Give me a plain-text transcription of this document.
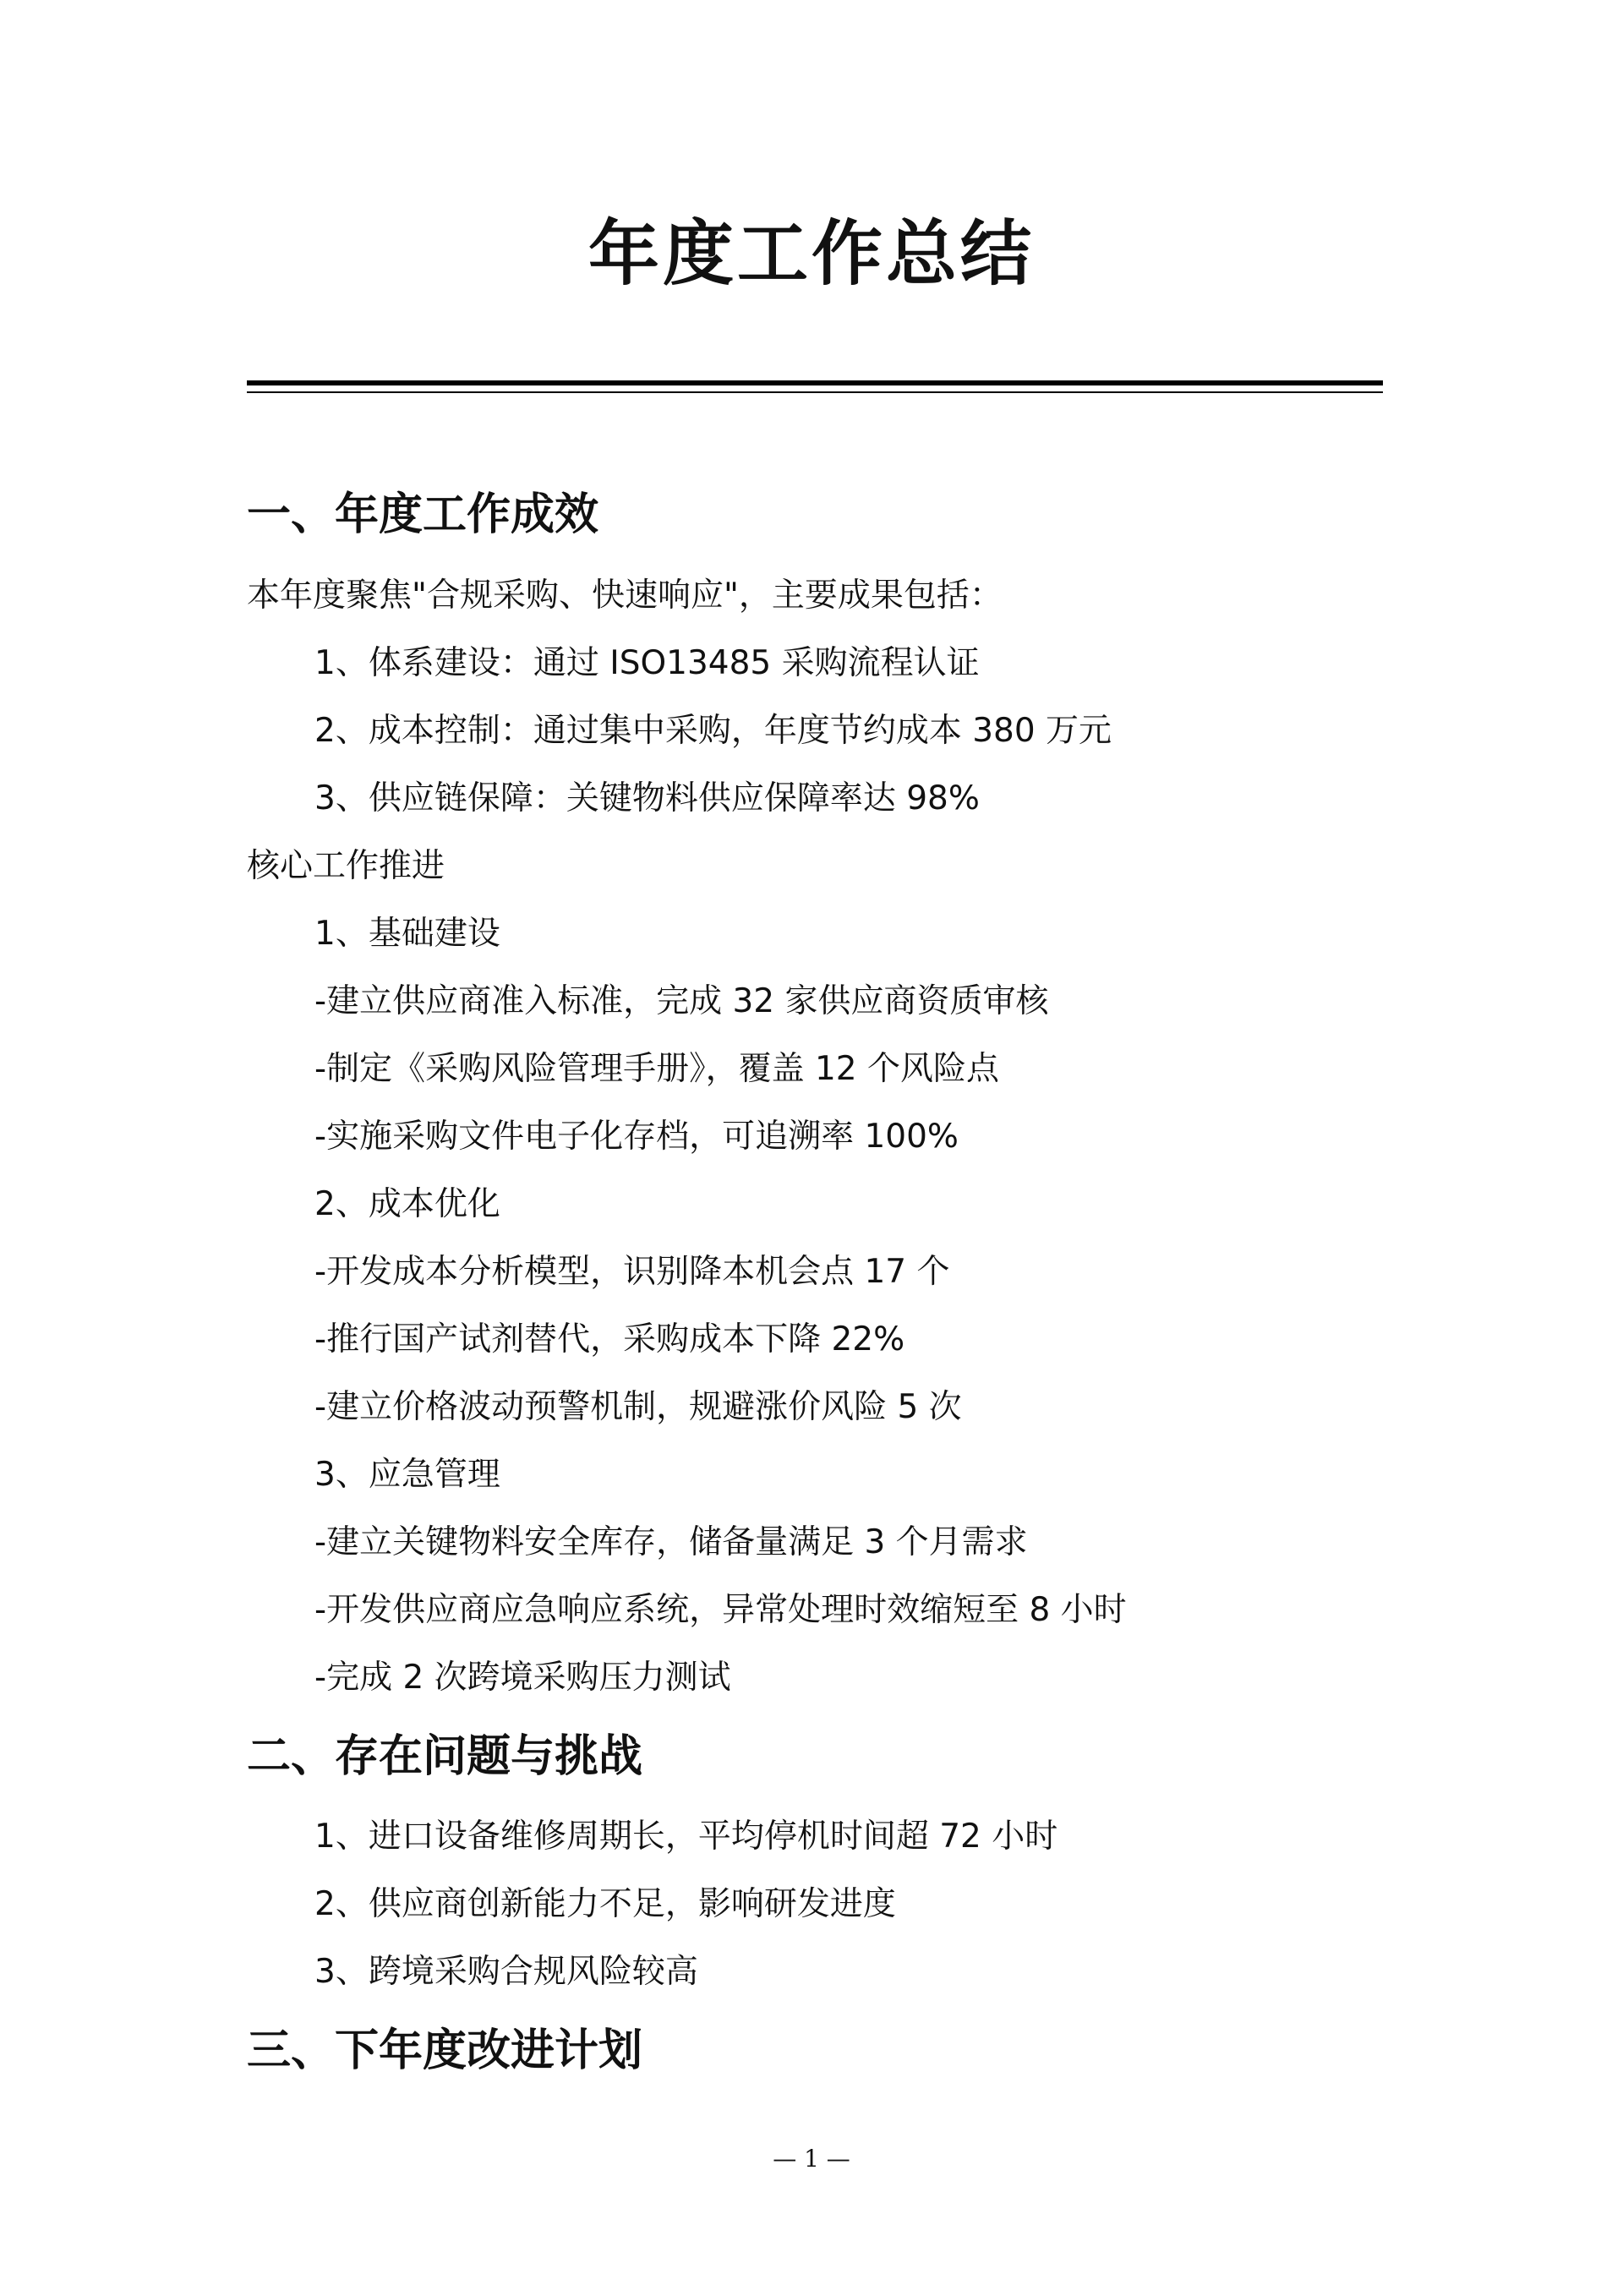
年度工作总结
一、年度工作成效
本年度聚焦"合规采购、快速响应"，主要成果包括：
1、体系建设：通过 ISO13485 采购流程认证
2、成本控制：通过集中采购，年度节约成本 380 万元
3、供应链保障：关键物料供应保障率达 98%
核心工作推进
1、基础建设
-建立供应商准入标准，完成 32 家供应商资质审核
-制定《采购风险管理手册》，覆盖 12 个风险点
-实施采购文件电子化存档，可追溯率 100%
2、成本优化
-开发成本分析模型，识别降本机会点 17 个
-推行国产试剂替代，采购成本下降 22%
-建立价格波动预警机制，规避涨价风险 5 次
3、应急管理
-建立关键物料安全库存，储备量满足 3 个月需求
-开发供应商应急响应系统，异常处理时效缩短至 8 小时
-完成 2 次跨境采购压力测试
二、存在问题与挑战
1、进口设备维修周期长，平均停机时间超 72 小时
2、供应商创新能力不足，影响研发进度
3、跨境采购合规风险较高
三、下年度改进计划
— 1 —
